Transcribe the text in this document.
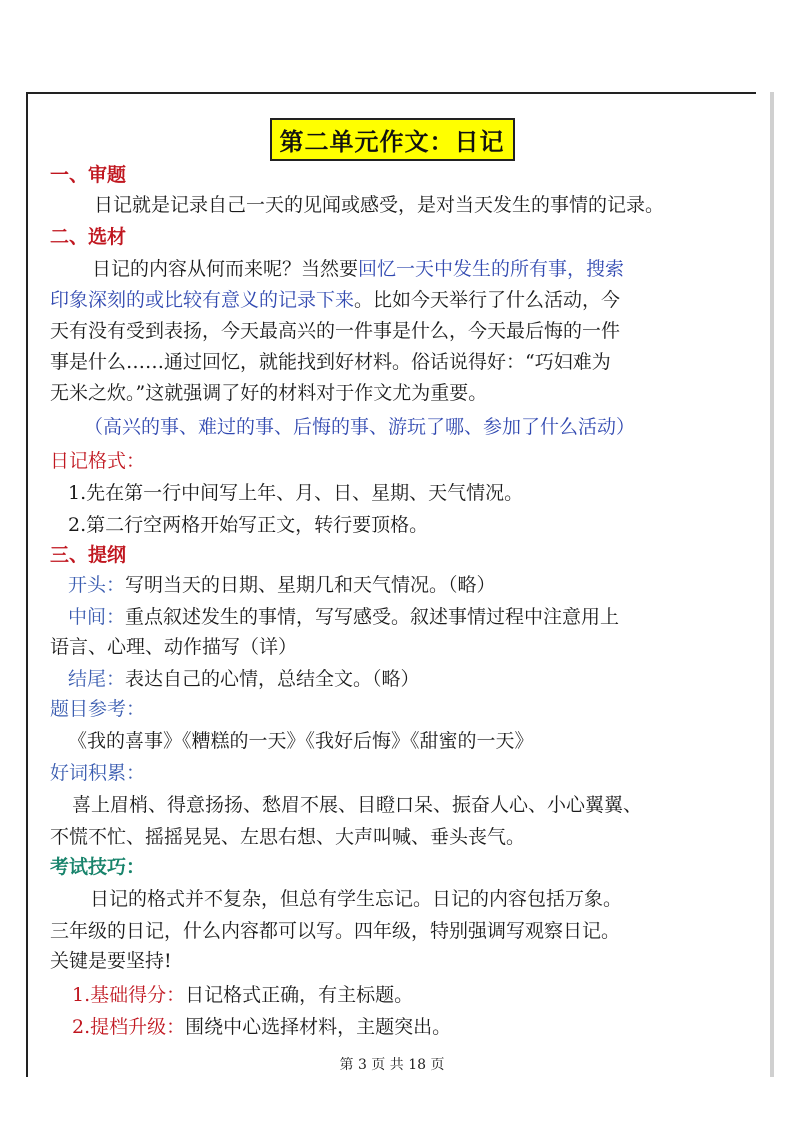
第二单元作文：日记
一、审题
日记就是记录自己一天的见闻或感受，是对当天发生的事情的记录。
二、选材
日记的内容从何而来呢？当然要回忆一天中发生的所有事，搜索
印象深刻的或比较有意义的记录下来。比如今天举行了什么活动，今
天有没有受到表扬，今天最高兴的一件事是什么，今天最后悔的一件
事是什么……通过回忆，就能找到好材料。俗话说得好：“巧妇难为
无米之炊。”这就强调了好的材料对于作文尤为重要。
（高兴的事、难过的事、后悔的事、游玩了哪、参加了什么活动）
日记格式：
1.先在第一行中间写上年、月、日、星期、天气情况。
2.第二行空两格开始写正文，转行要顶格。
三、提纲
开头：写明当天的日期、星期几和天气情况。（略）
中间：重点叙述发生的事情，写写感受。叙述事情过程中注意用上
语言、心理、动作描写（详）
结尾：表达自己的心情，总结全文。（略）
题目参考：
《我的喜事》《糟糕的一天》《我好后悔》《甜蜜的一天》
好词积累：
喜上眉梢、得意扬扬、愁眉不展、目瞪口呆、振奋人心、小心翼翼、
不慌不忙、摇摇晃晃、左思右想、大声叫喊、垂头丧气。
考试技巧：
日记的格式并不复杂，但总有学生忘记。日记的内容包括万象。
三年级的日记，什么内容都可以写。四年级，特别强调写观察日记。
关键是要坚持!
1.基础得分：日记格式正确，有主标题。
2.提档升级：围绕中心选择材料，主题突出。
第 3 页 共 18 页
